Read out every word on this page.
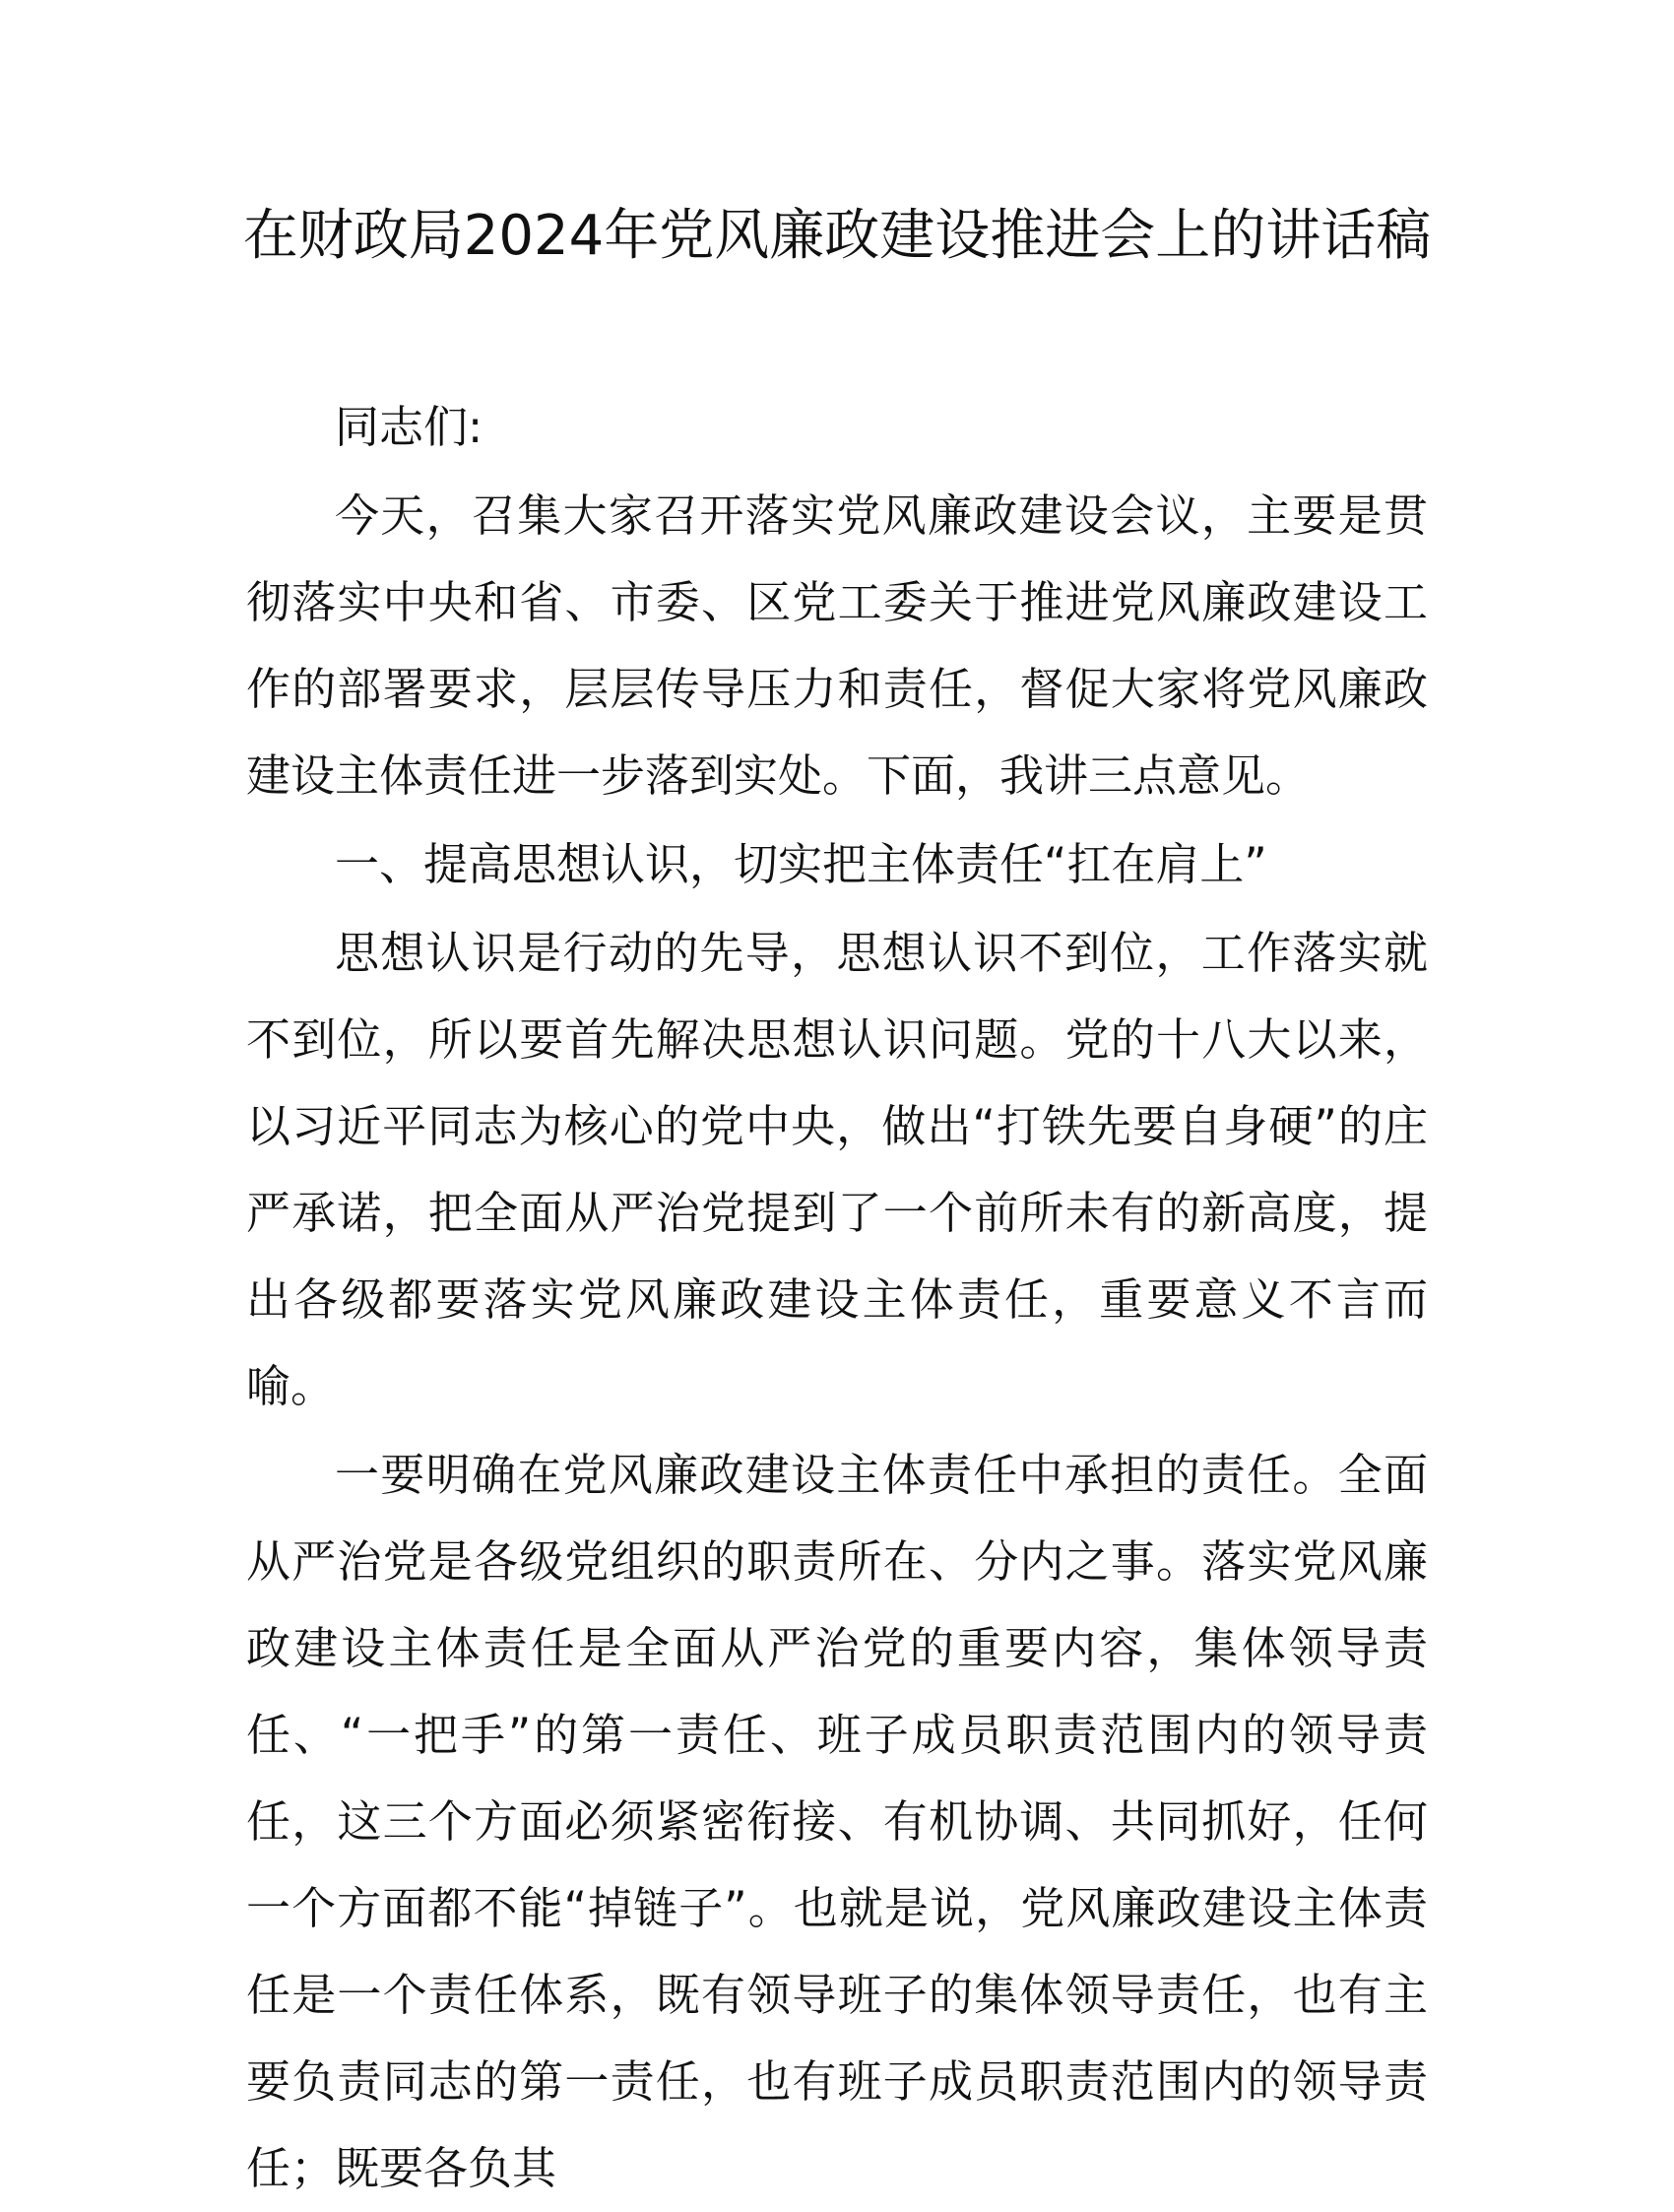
在财政局2024年党风廉政建设推进会上的讲话稿

同志们:

今天，召集大家召开落实党风廉政建设会议，主要是贯彻落实中央和省、市委、区党工委关于推进党风廉政建设工作的部署要求，层层传导压力和责任，督促大家将党风廉政建设主体责任进一步落到实处。下面，我讲三点意见。

一、提高思想认识，切实把主体责任“扛在肩上”

思想认识是行动的先导，思想认识不到位，工作落实就不到位，所以要首先解决思想认识问题。党的十八大以来，以习近平同志为核心的党中央，做出“打铁先要自身硬”的庄严承诺，把全面从严治党提到了一个前所未有的新高度，提出各级都要落实党风廉政建设主体责任，重要意义不言而喻。

一要明确在党风廉政建设主体责任中承担的责任。全面从严治党是各级党组织的职责所在、分内之事。落实党风廉政建设主体责任是全面从严治党的重要内容，集体领导责任、“一把手”的第一责任、班子成员职责范围内的领导责任，这三个方面必须紧密衔接、有机协调、共同抓好，任何一个方面都不能“掉链子”。也就是说，党风廉政建设主体责任是一个责任体系，既有领导班子的集体领导责任，也有主要负责同志的第一责任，也有班子成员职责范围内的领导责任；既要各负其
